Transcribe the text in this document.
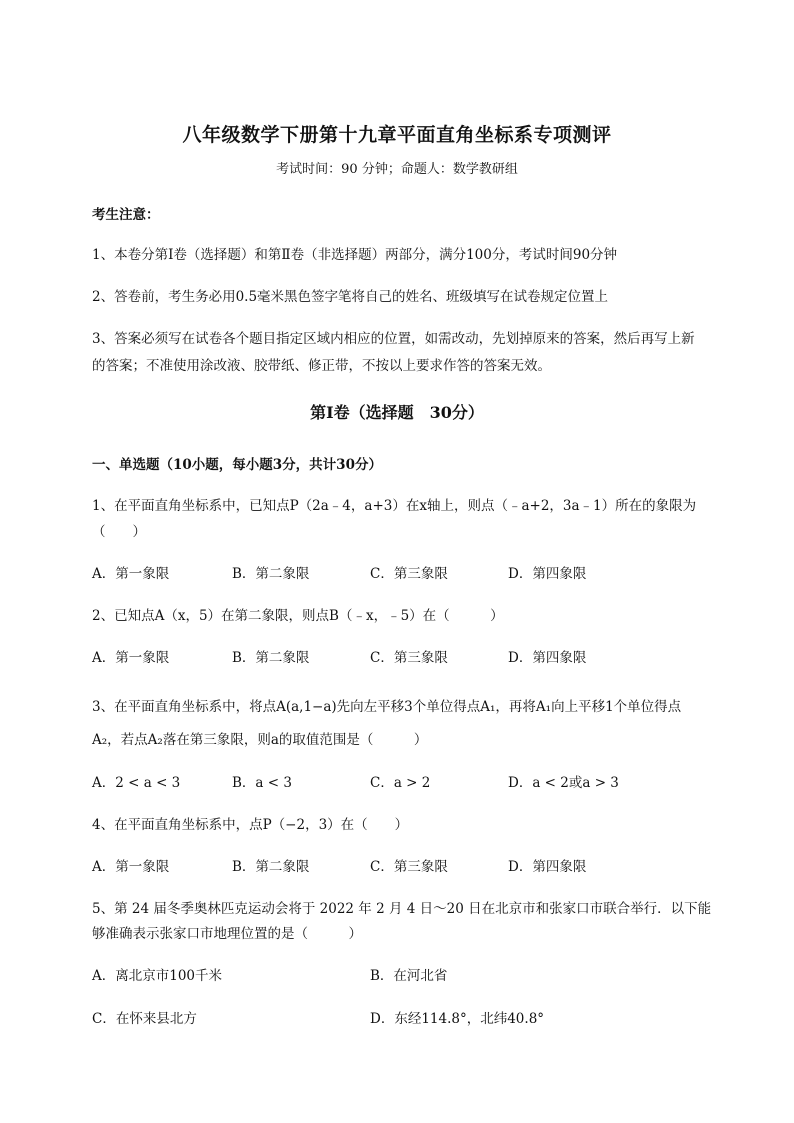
八年级数学下册第十九章平面直角坐标系专项测评
考试时间：90 分钟；命题人：数学教研组
考生注意：
1、本卷分第Ⅰ卷（选择题）和第Ⅱ卷（非选择题）两部分，满分100分，考试时间90分钟
2、答卷前，考生务必用0.5毫米黑色签字笔将自己的姓名、班级填写在试卷规定位置上
3、答案必须写在试卷各个题目指定区域内相应的位置，如需改动，先划掉原来的答案，然后再写上新
的答案；不准使用涂改液、胶带纸、修正带，不按以上要求作答的答案无效。
第Ⅰ卷（选择题　30分）
一、单选题（10小题，每小题3分，共计30分）
1、在平面直角坐标系中，已知点P（2a﹣4，a+3）在x轴上，则点（﹣a+2，3a﹣1）所在的象限为
（　　）
A．第一象限	B．第二象限	C．第三象限	D．第四象限
2、已知点A（x，5）在第二象限，则点B（﹣x，﹣5）在（　　　）
A．第一象限	B．第二象限	C．第三象限	D．第四象限
3、在平面直角坐标系中，将点A(a,1−a)先向左平移3个单位得点A₁，再将A₁向上平移1个单位得点
A₂，若点A₂落在第三象限，则a的取值范围是（　　　）
A．2 < a < 3	B．a < 3	C．a > 2	D．a < 2或a > 3
4、在平面直角坐标系中，点P（−2，3）在（　　）
A．第一象限	B．第二象限	C．第三象限	D．第四象限
5、第 24 届冬季奥林匹克运动会将于 2022 年 2 月 4 日～20 日在北京市和张家口市联合举行．以下能
够准确表示张家口市地理位置的是（　　　）
A．离北京市100千米	B．在河北省
C．在怀来县北方	D．东经114.8°，北纬40.8°
